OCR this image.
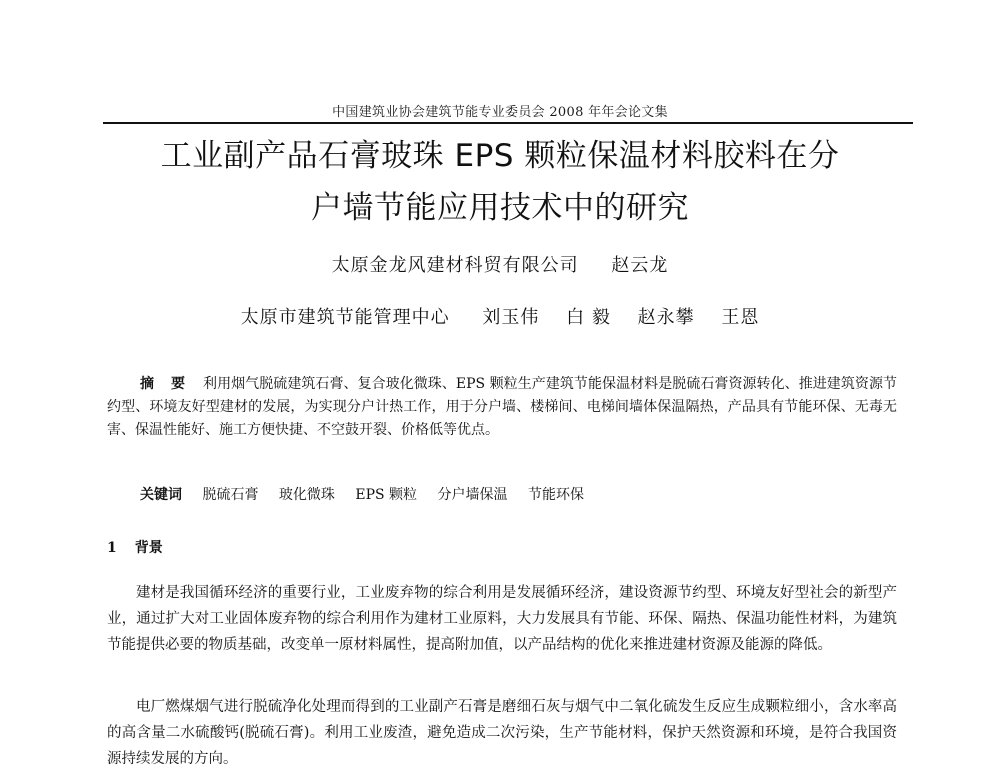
中国建筑业协会建筑节能专业委员会 2008 年年会论文集
工业副产品石膏玻珠 EPS 颗粒保温材料胶料在分
户墙节能应用技术中的研究
太原金龙风建材科贸有限公司 赵云龙
太原市建筑节能管理中心 刘玉伟 白 毅 赵永攀 王恩
摘 要 利用烟气脱硫建筑石膏、复合玻化微珠、EPS 颗粒生产建筑节能保温材料是脱硫石膏资源转化、推进建筑资源节约型、环境友好型建材的发展，为实现分户计热工作，用于分户墙、楼梯间、电梯间墙体保温隔热，产品具有节能环保、无毒无害、保温性能好、施工方便快捷、不空鼓开裂、价格低等优点。
关键词 脱硫石膏 玻化微珠 EPS 颗粒 分户墙保温 节能环保
1 背景

建材是我国循环经济的重要行业，工业废弃物的综合利用是发展循环经济，建设资源节约型、环境友好型社会的新型产业，通过扩大对工业固体废弃物的综合利用作为建材工业原料，大力发展具有节能、环保、隔热、保温功能性材料，为建筑节能提供必要的物质基础，改变单一原材料属性，提高附加值，以产品结构的优化来推进建材资源及能源的降低。

电厂燃煤烟气进行脱硫净化处理而得到的工业副产石膏是磨细石灰与烟气中二氧化硫发生反应生成颗粒细小，含水率高的高含量二水硫酸钙(脱硫石膏)。利用工业废渣，避免造成二次污染，生产节能材料，保护天然资源和环境，是符合我国资源持续发展的方向。
